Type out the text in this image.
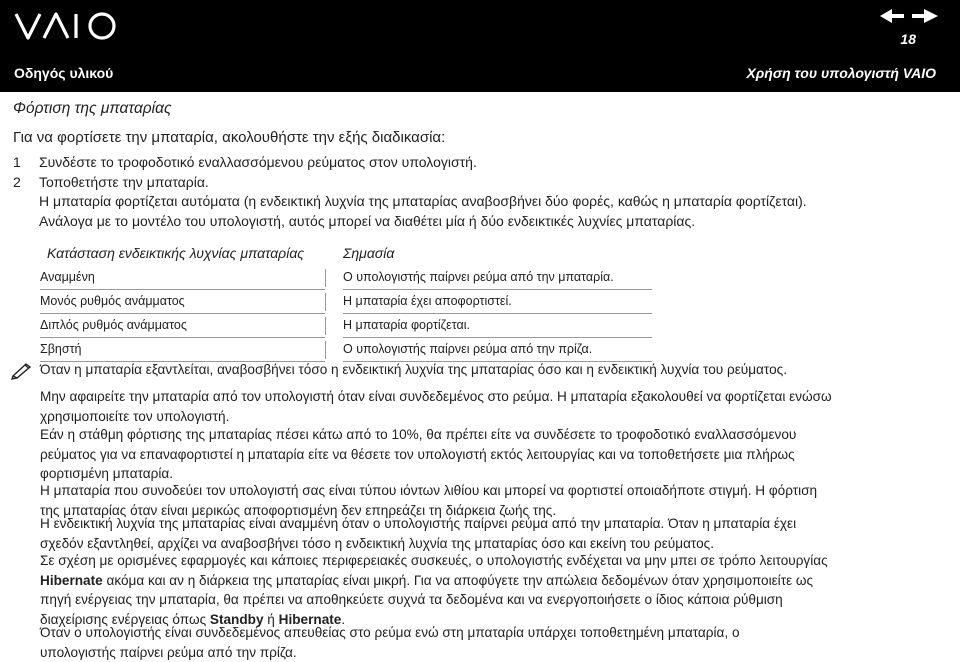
18
Οδηγός υλικού	Χρήση του υπολογιστή VAIO
Φόρτιση της μπαταρίας
Για να φορτίσετε την μπαταρία, ακολουθήστε την εξής διαδικασία:
1 Συνδέστε το τροφοδοτικό εναλλασσόμενου ρεύματος στον υπολογιστή.
2 Τοποθετήστε την μπαταρία.
Η μπαταρία φορτίζεται αυτόματα (η ενδεικτική λυχνία της μπαταρίας αναβοσβήνει δύο φορές, καθώς η μπαταρία φορτίζεται).
Ανάλογα με το μοντέλο του υπολογιστή, αυτός μπορεί να διαθέτει μία ή δύο ενδεικτικές λυχνίες μπαταρίας.
Κατάσταση ενδεικτικής λυχνίας μπαταρίας	Σημασία
Αναμμένη	Ο υπολογιστής παίρνει ρεύμα από την μπαταρία.
Μονός ρυθμός ανάμματος	Η μπαταρία έχει αποφορτιστεί.
Διπλός ρυθμός ανάμματος	Η μπαταρία φορτίζεται.
Σβηστή	Ο υπολογιστής παίρνει ρεύμα από την πρίζα.
Όταν η μπαταρία εξαντλείται, αναβοσβήνει τόσο η ενδεικτική λυχνία της μπαταρίας όσο και η ενδεικτική λυχνία του ρεύματος.
Μην αφαιρείτε την μπαταρία από τον υπολογιστή όταν είναι συνδεδεμένος στο ρεύμα. Η μπαταρία εξακολουθεί να φορτίζεται ενώσω
χρησιμοποιείτε τον υπολογιστή.
Εάν η στάθμη φόρτισης της μπαταρίας πέσει κάτω από το 10%, θα πρέπει είτε να συνδέσετε το τροφοδοτικό εναλλασσόμενου
ρεύματος για να επαναφορτιστεί η μπαταρία είτε να θέσετε τον υπολογιστή εκτός λειτουργίας και να τοποθετήσετε μια πλήρως
φορτισμένη μπαταρία.
Η μπαταρία που συνοδεύει τον υπολογιστή σας είναι τύπου ιόντων λιθίου και μπορεί να φορτιστεί οποιαδήποτε στιγμή. Η φόρτιση
της μπαταρίας όταν είναι μερικώς αποφορτισμένη δεν επηρεάζει τη διάρκεια ζωής της.
Η ενδεικτική λυχνία της μπαταρίας είναι αναμμένη όταν ο υπολογιστής παίρνει ρεύμα από την μπαταρία. Όταν η μπαταρία έχει
σχεδόν εξαντληθεί, αρχίζει να αναβοσβήνει τόσο η ενδεικτική λυχνία της μπαταρίας όσο και εκείνη του ρεύματος.
Σε σχέση με ορισμένες εφαρμογές και κάποιες περιφερειακές συσκευές, ο υπολογιστής ενδέχεται να μην μπει σε τρόπο λειτουργίας
Hibernate ακόμα και αν η διάρκεια της μπαταρίας είναι μικρή. Για να αποφύγετε την απώλεια δεδομένων όταν χρησιμοποιείτε ως
πηγή ενέργειας την μπαταρία, θα πρέπει να αποθηκεύετε συχνά τα δεδομένα και να ενεργοποιήσετε ο ίδιος κάποια ρύθμιση
διαχείρισης ενέργειας όπως Standby ή Hibernate.
Όταν ο υπολογιστής είναι συνδεδεμένος απευθείας στο ρεύμα ενώ στη μπαταρία υπάρχει τοποθετημένη μπαταρία, ο
υπολογιστής παίρνει ρεύμα από την πρίζα.
